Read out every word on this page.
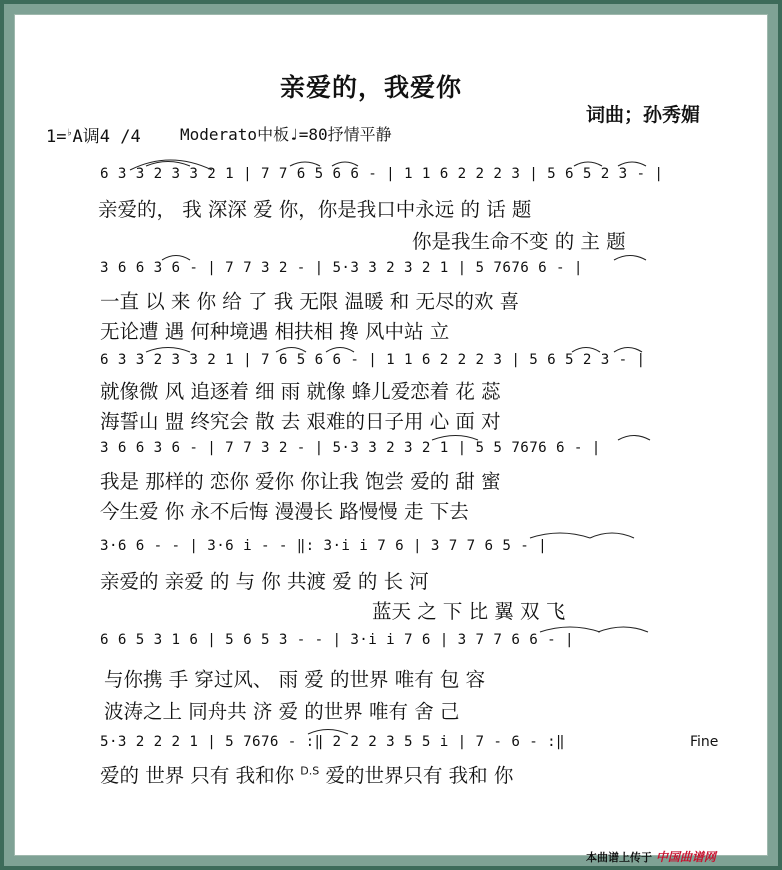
亲爱的，我爱你
词曲；孙秀媚
1=♭A调4 /4 Moderato中板♩=80抒情平静
6 3 3 2 3 3 2 1 | 7 7 6 5 6 6 - | 1 1 6 2 2 2 3 | 5 6 5 2 3 - |
3 6 6 3 6 - | 7 7 3 2 - | 5·3 3 2 3 2 1 | 5 7676 6 - |
6 3 3 2 3 3 2 1 | 7 6 5 6 6 - | 1 1 6 2 2 2 3 | 5 6 5 2 3 - |
3 6 6 3 6 - | 7 7 3 2 - | 5·3 3 2 3 2 1 | 5 5 7676 6 - |
3·6 6 - - | 3·6 i - - ‖: 3·i i 7 6 | 3 7 7 6 5 - |
6 6 5 3 1 6 | 5 6 5 3 - - | 3·i i 7 6 | 3 7 7 6 6 - |
5·3 2 2 2 1 | 5 7676 - :‖ 2 2 2 3 5 5 i | 7 - 6 - :‖
亲爱的， 我 深深 爱 你，你是我口中永远 的 话 题
你是我生命不变 的 主 题
一直 以 来 你 给 了 我 无限 温暖 和 无尽的欢 喜
无论遭 遇 何种境遇 相扶相 搀 风中站 立
就像微 风 追逐着 细 雨 就像 蜂儿爱恋着 花 蕊
海誓山 盟 终究会 散 去 艰难的日子用 心 面 对
我是 那样的 恋你 爱你 你让我 饱尝 爱的 甜 蜜
今生爱 你 永不后悔 漫漫长 路慢慢 走 下去
亲爱的 亲爱 的 与 你 共渡 爱 的 长 河
蓝天 之 下 比 翼 双 飞
与你携 手 穿过风、 雨 爱 的世界 唯有 包 容
波涛之上 同舟共 济 爱 的世界 唯有 舍 己
爱的 世界 只有 我和你 $^{D.S}$ 爱的世界只有 我和 你
Fine
本曲谱上传于 中国曲谱网
